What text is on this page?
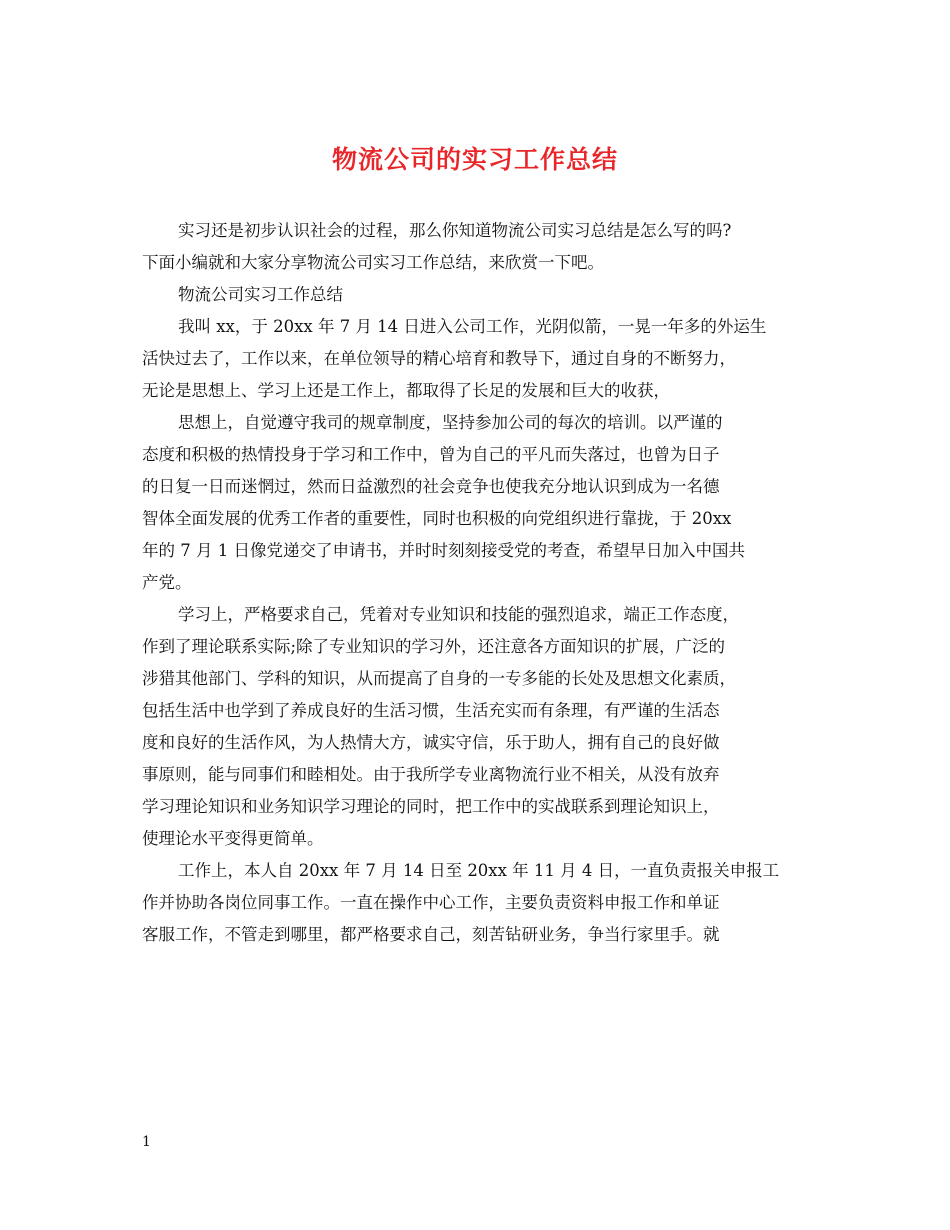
物流公司的实习工作总结
实习还是初步认识社会的过程，那么你知道物流公司实习总结是怎么写的吗?
下面小编就和大家分享物流公司实习工作总结，来欣赏一下吧。
物流公司实习工作总结
我叫 xx，于 20xx 年 7 月 14 日进入公司工作，光阴似箭，一晃一年多的外运生
活快过去了，工作以来，在单位领导的精心培育和教导下，通过自身的不断努力，
无论是思想上、学习上还是工作上，都取得了长足的发展和巨大的收获，
思想上，自觉遵守我司的规章制度，坚持参加公司的每次的培训。以严谨的
态度和积极的热情投身于学习和工作中，曾为自己的平凡而失落过，也曾为日子
的日复一日而迷惘过，然而日益激烈的社会竞争也使我充分地认识到成为一名德
智体全面发展的优秀工作者的重要性，同时也积极的向党组织进行靠拢，于 20xx
年的 7 月 1 日像党递交了申请书，并时时刻刻接受党的考查，希望早日加入中国共
产党。
学习上，严格要求自己，凭着对专业知识和技能的强烈追求，端正工作态度，
作到了理论联系实际;除了专业知识的学习外，还注意各方面知识的扩展，广泛的
涉猎其他部门、学科的知识，从而提高了自身的一专多能的长处及思想文化素质，
包括生活中也学到了养成良好的生活习惯，生活充实而有条理，有严谨的生活态
度和良好的生活作风，为人热情大方，诚实守信，乐于助人，拥有自己的良好做
事原则，能与同事们和睦相处。由于我所学专业离物流行业不相关，从没有放弃
学习理论知识和业务知识学习理论的同时，把工作中的实战联系到理论知识上，
使理论水平变得更简单。
工作上，本人自 20xx 年 7 月 14 日至 20xx 年 11 月 4 日，一直负责报关申报工
作并协助各岗位同事工作。一直在操作中心工作，主要负责资料申报工作和单证
客服工作，不管走到哪里，都严格要求自己，刻苦钻研业务，争当行家里手。就
1
